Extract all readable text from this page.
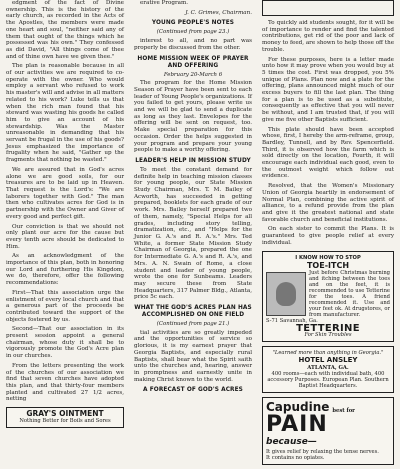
edgment of the fact of Divine ownership. This is the history of the early church, as recorded in the Acts of the Apostles, the members were made one heart and soul, "neither said any of them that ought of the things which he possessed was his own." They confessed as did David, "All things come of thee and of thine own have we given thee."

The plan is reasonable because in all of our activities we are required to co-operate with the owner. Who would employ a servant who refused to work his master's will and advise in all matters related to his work? Luke tells us that when the rich man found that his steward was wasting his goods he called him to give an account of his stewardship. Was the Master unreasonable in demanding that his servant be frugal in the use of his goods? Jesus emphasized the importance of frugality when he said, "Gather up the fragments that nothing be wasted."

We are assured that in God's acres alone we are good soils, for our treasures are to be laid up in Heaven. That request is the Lord's: "We are laborers together with God." The man then who cultivates acres for God is in partnership with the Owner and Giver of every good and perfect gift.

Our conviction is that we should not only plant our acre for the cause but every tenth acre should be dedicated to Him.

As an acknowledgment of the importance of this plan, both in honoring our Lord and furthering His Kingdom, we do, therefore, offer the following recommendations:

First—That this association urge the enlistment of every local church and that a generous part of the proceeds be contributed toward the support of the objects fostered by us.

Second—That our association in its present session appoint a general chairman, whose duty it shall be to vigorously promote the God's Acre plan in our churches.

From the letters presenting the work of the churches of our association we find that seven churches have adopted this plan, and that thirty-four members planted and cultivated 27 1/2 acres, netting

GRAY'S OINTMENT
Nothing Better for Boils and Sores

erative Program.

J. C. Grimes, Chairman.
YOUNG PEOPLE'S NOTES
(Continued from page 23.)

interest to all, and no part was properly be discussed from the other.

HOME MISSION WEEK OF PRAYER AND OFFERING
February 20-March 6

The program for the Home Mission Season of Prayer have been sent to each leader of Young People's organizations. If you failed to get yours, please write us and we will be glad to send a duplicate as long as they last. Envelopes for the offering will be sent on request, too. Make special preparation for this occasion. Order the helps suggested in your program and prepare your young people to make a worthy offering.

LEADER'S HELP IN MISSION STUDY

To meet the constant demand for definite help in teaching mission classes for young people, our State Mission Study Chairman, Mrs. T. M. Bailey of Acworth, has succeeded in getting prepared, booklets for each grade of our work. Mrs. Bailey herself prepared two of them, namely, "Special Helps for all grades, including story telling, dramatization, etc., and "Helps for the Junior G. A.'s and R. A.'s." Mrs. Ted White, a former State Mission Study Chairman of Georgia, prepared the one for Intermediate G. A.'s and R. A.'s, and Mrs. A. N. Swain of Rome, a close student and leader of young people, wrote the one for Sunbeams. Leaders may secure these from State Headquarters, 317 Palmer Bldg., Atlanta, price 5c each.

WHAT THE GOD'S ACRES PLAN HAS ACCOMPLISHED ON ONE FIELD
(Continued from page 21.)

tial activities are so greatly impeded and the opportunities of service so glorious, it is my earnest prayer that Georgia Baptists, and especially rural Baptists, shall bear what the Spirit saith unto the churches and, hearing, answer in promptness and earnestly unite in making Christ known to the world.

A FORECAST OF GOD'S ACRES

To quickly aid students sought, for it will be of importance to render and find the talented contributions, get rid of the poor and lack of money to feed, are shown to help those off the trouble.

For these purposes, here is a letter made unto how it may prove when you would buy at 5 times the cost. First was dropped, you 5% unique of Plans. Plan now and a plate for the offering, plans announced might much of our excess buyers to fill the last plan. The thing for a plan is to be used as a substitute, consequently as effective that you will never be without, and I am trusted that, if you will give me five other Baptists sufficient.

This plate should have been accepted whose, first, I hereby the arm-reframe, group, Bardley, Tunnell, and by Rev. Spencerfield. Third, it is observed how the farm which is sold directly on the location, Fourth, it will encourage each individual each good, even to the outmost weight which follow out evidence.

Resolved, that the Women's Missionary Union of Georgia heartily in endorsement of Normal Plan, combining the active spirit of alliance, to a refund provide from the plan and give it the greatest national and state favorable church and beneficial institutions.

On each sister to commit the Plans. It is guaranteed to give people relief at every individual.

I KNOW HOW TO STOP
TOE-ITCH
Just before Christmas burning and itching between the toes and on the feet, it is recommended to use Tetterine for the toes. A friend recommended it. Use and your feet ok. At drugstores, or from manufacturer.
S-71 Savannah, Ga.
TETTERINE
For Skin Troubles
"Learned more than anything in Georgia."
HOTEL ANSLEY
ATLANTA, GA.
400 rooms—each with individual bath, 400 accessory Purposes. European Plan. Southern Baptist Headquarters.
Capudine best for
PAIN
because—
It gives relief by relaxing the tense nerves.
It contains no opiates.
